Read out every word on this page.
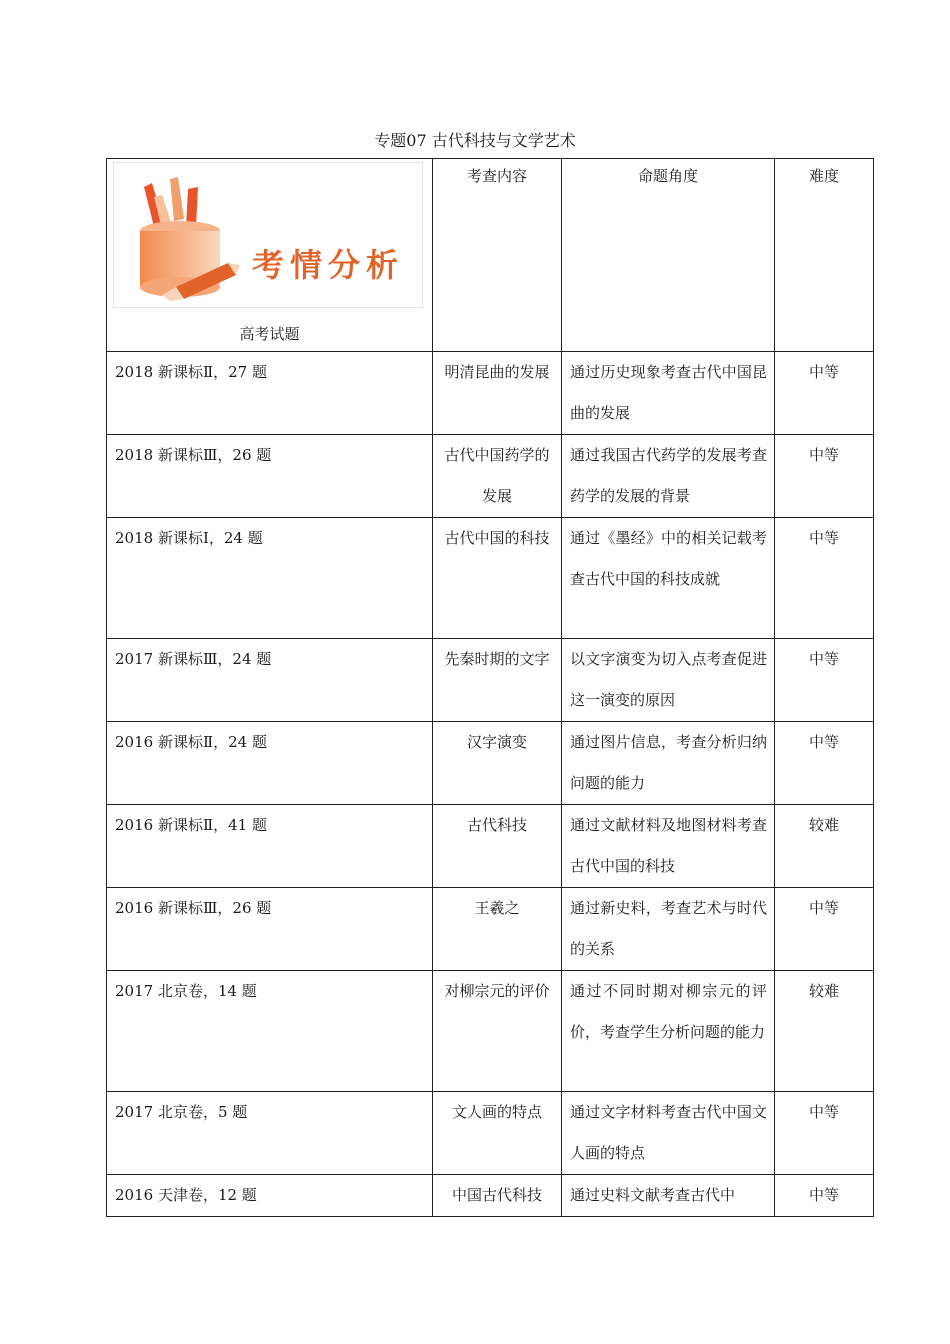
专题07 古代科技与文学艺术
考情分析
高考试题	考查内容	命题角度	难度
2018 新课标Ⅱ，27 题	明清昆曲的发展	通过历史现象考查古代中国昆曲的发展	中等
2018 新课标Ⅲ，26 题	古代中国药学的发展	通过我国古代药学的发展考查药学的发展的背景	中等
2018 新课标Ⅰ，24 题	古代中国的科技	通过《墨经》中的相关记载考查古代中国的科技成就	中等
2017 新课标Ⅲ，24 题	先秦时期的文字	以文字演变为切入点考查促进这一演变的原因	中等
2016 新课标Ⅱ，24 题	汉字演变	通过图片信息，考查分析归纳问题的能力	中等
2016 新课标Ⅱ，41 题	古代科技	通过文献材料及地图材料考查古代中国的科技	较难
2016 新课标Ⅲ，26 题	王羲之	通过新史料，考查艺术与时代的关系	中等
2017 北京卷，14 题	对柳宗元的评价	通过不同时期对柳宗元的评价，考查学生分析问题的能力	较难
2017 北京卷，5 题	文人画的特点	通过文字材料考查古代中国文人画的特点	中等
2016 天津卷，12 题	中国古代科技	通过史料文献考查古代中	中等
